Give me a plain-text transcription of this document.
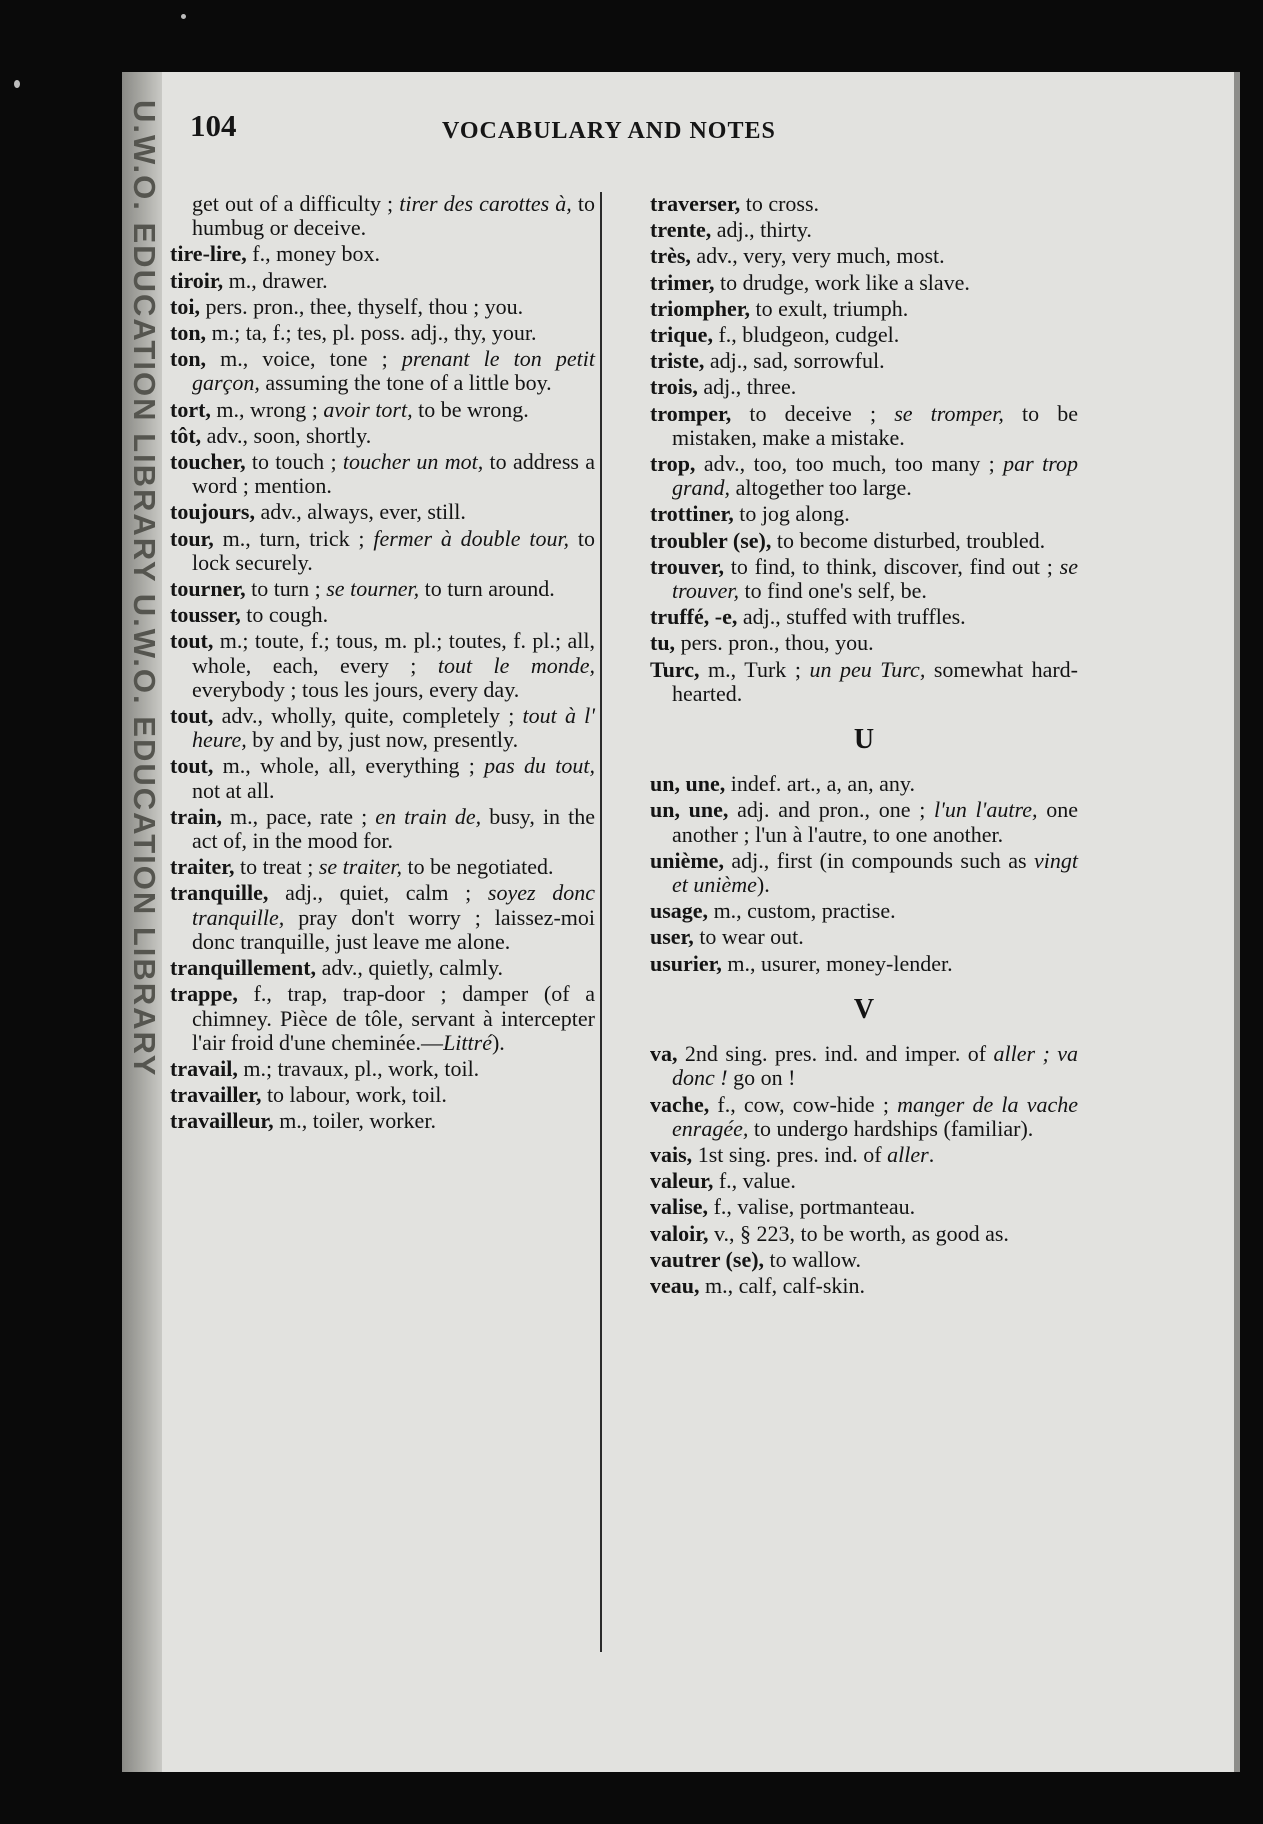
U.W.O. EDUCATION LIBRARY U.W.O. EDUCATION LIBRARY 104	VOCABULARY AND NOTES

get out of a difficulty ; tirer des carottes à, to humbug or deceive.

tire-lire, f., money box.

tiroir, m., drawer.

toi, pers. pron., thee, thyself, thou ; you.

ton, m.; ta, f.; tes, pl. poss. adj., thy, your.

ton, m., voice, tone ; prenant le ton petit garçon, assuming the tone of a little boy.

tort, m., wrong ; avoir tort, to be wrong.

tôt, adv., soon, shortly.

toucher, to touch ; toucher un mot, to address a word ; mention.

toujours, adv., always, ever, still.

tour, m., turn, trick ; fermer à double tour, to lock securely.

tourner, to turn ; se tourner, to turn around.

tousser, to cough.

tout, m.; toute, f.; tous, m. pl.; toutes, f. pl.; all, whole, each, every ; tout le monde, everybody ; tous les jours, every day.

tout, adv., wholly, quite, completely ; tout à l' heure, by and by, just now, presently.

tout, m., whole, all, everything ; pas du tout, not at all.

train, m., pace, rate ; en train de, busy, in the act of, in the mood for.

traiter, to treat ; se traiter, to be negotiated.

tranquille, adj., quiet, calm ; soyez donc tranquille, pray don't worry ; laissez-moi donc tranquille, just leave me alone.

tranquillement, adv., quietly, calmly.

trappe, f., trap, trap-door ; damper (of a chimney. Pièce de tôle, servant à intercepter l'air froid d'une cheminée.—Littré).

travail, m.; travaux, pl., work, toil.

travailler, to labour, work, toil.

travailleur, m., toiler, worker.

traverser, to cross.

trente, adj., thirty.

très, adv., very, very much, most.

trimer, to drudge, work like a slave.

triompher, to exult, triumph.

trique, f., bludgeon, cudgel.

triste, adj., sad, sorrowful.

trois, adj., three.

tromper, to deceive ; se tromper, to be mistaken, make a mistake.

trop, adv., too, too much, too many ; par trop grand, altogether too large.

trottiner, to jog along.

troubler (se), to become disturbed, troubled.

trouver, to find, to think, discover, find out ; se trouver, to find one's self, be.

truffé, -e, adj., stuffed with truffles.

tu, pers. pron., thou, you.

Turc, m., Turk ; un peu Turc, somewhat hard-hearted.

U

un, une, indef. art., a, an, any.

un, une, adj. and pron., one ; l'un l'autre, one another ; l'un à l'autre, to one another.

unième, adj., first (in compounds such as vingt et unième).

usage, m., custom, practise.

user, to wear out.

usurier, m., usurer, money-lender.

V

va, 2nd sing. pres. ind. and imper. of aller ; va donc ! go on !

vache, f., cow, cow-hide ; manger de la vache enragée, to undergo hardships (familiar).

vais, 1st sing. pres. ind. of aller.

valeur, f., value.

valise, f., valise, portmanteau.

valoir, v., § 223, to be worth, as good as.

vautrer (se), to wallow.

veau, m., calf, calf-skin.
